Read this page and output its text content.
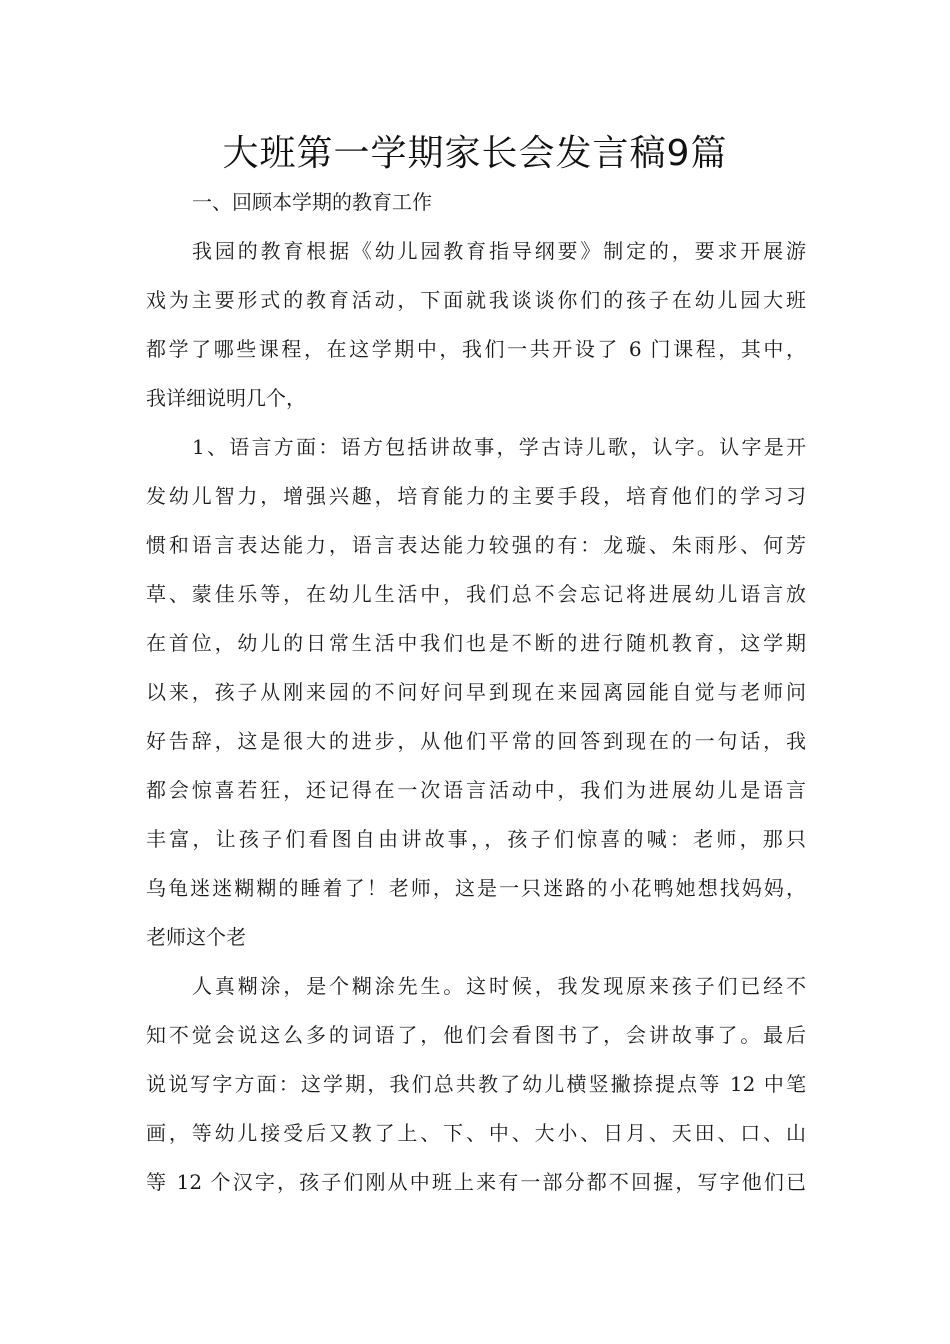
大班第一学期家长会发言稿9篇

一、回顾本学期的教育工作

我园的教育根据《幼儿园教育指导纲要》制定的，要求开展游
戏为主要形式的教育活动，下面就我谈谈你们的孩子在幼儿园大班
都学了哪些课程，在这学期中，我们一共开设了 6 门课程，其中，
我详细说明几个，
1、语言方面：语方包括讲故事，学古诗儿歌，认字。认字是开
发幼儿智力，增强兴趣，培育能力的主要手段，培育他们的学习习
惯和语言表达能力，语言表达能力较强的有：龙璇、朱雨彤、何芳
草、蒙佳乐等，在幼儿生活中，我们总不会忘记将进展幼儿语言放
在首位，幼儿的日常生活中我们也是不断的进行随机教育，这学期
以来，孩子从刚来园的不问好问早到现在来园离园能自觉与老师问
好告辞，这是很大的进步，从他们平常的回答到现在的一句话，我
都会惊喜若狂，还记得在一次语言活动中，我们为进展幼儿是语言
丰富，让孩子们看图自由讲故事，，孩子们惊喜的喊：老师，那只
乌龟迷迷糊糊的睡着了！老师，这是一只迷路的小花鸭她想找妈妈，
老师这个老
人真糊涂，是个糊涂先生。这时候，我发现原来孩子们已经不
知不觉会说这么多的词语了，他们会看图书了，会讲故事了。最后
说说写字方面：这学期，我们总共教了幼儿横竖撇捺提点等 12 中笔
画，等幼儿接受后又教了上、下、中、大小、日月、天田、口、山
等 12 个汉字，孩子们刚从中班上来有一部分都不回握，写字他们已
